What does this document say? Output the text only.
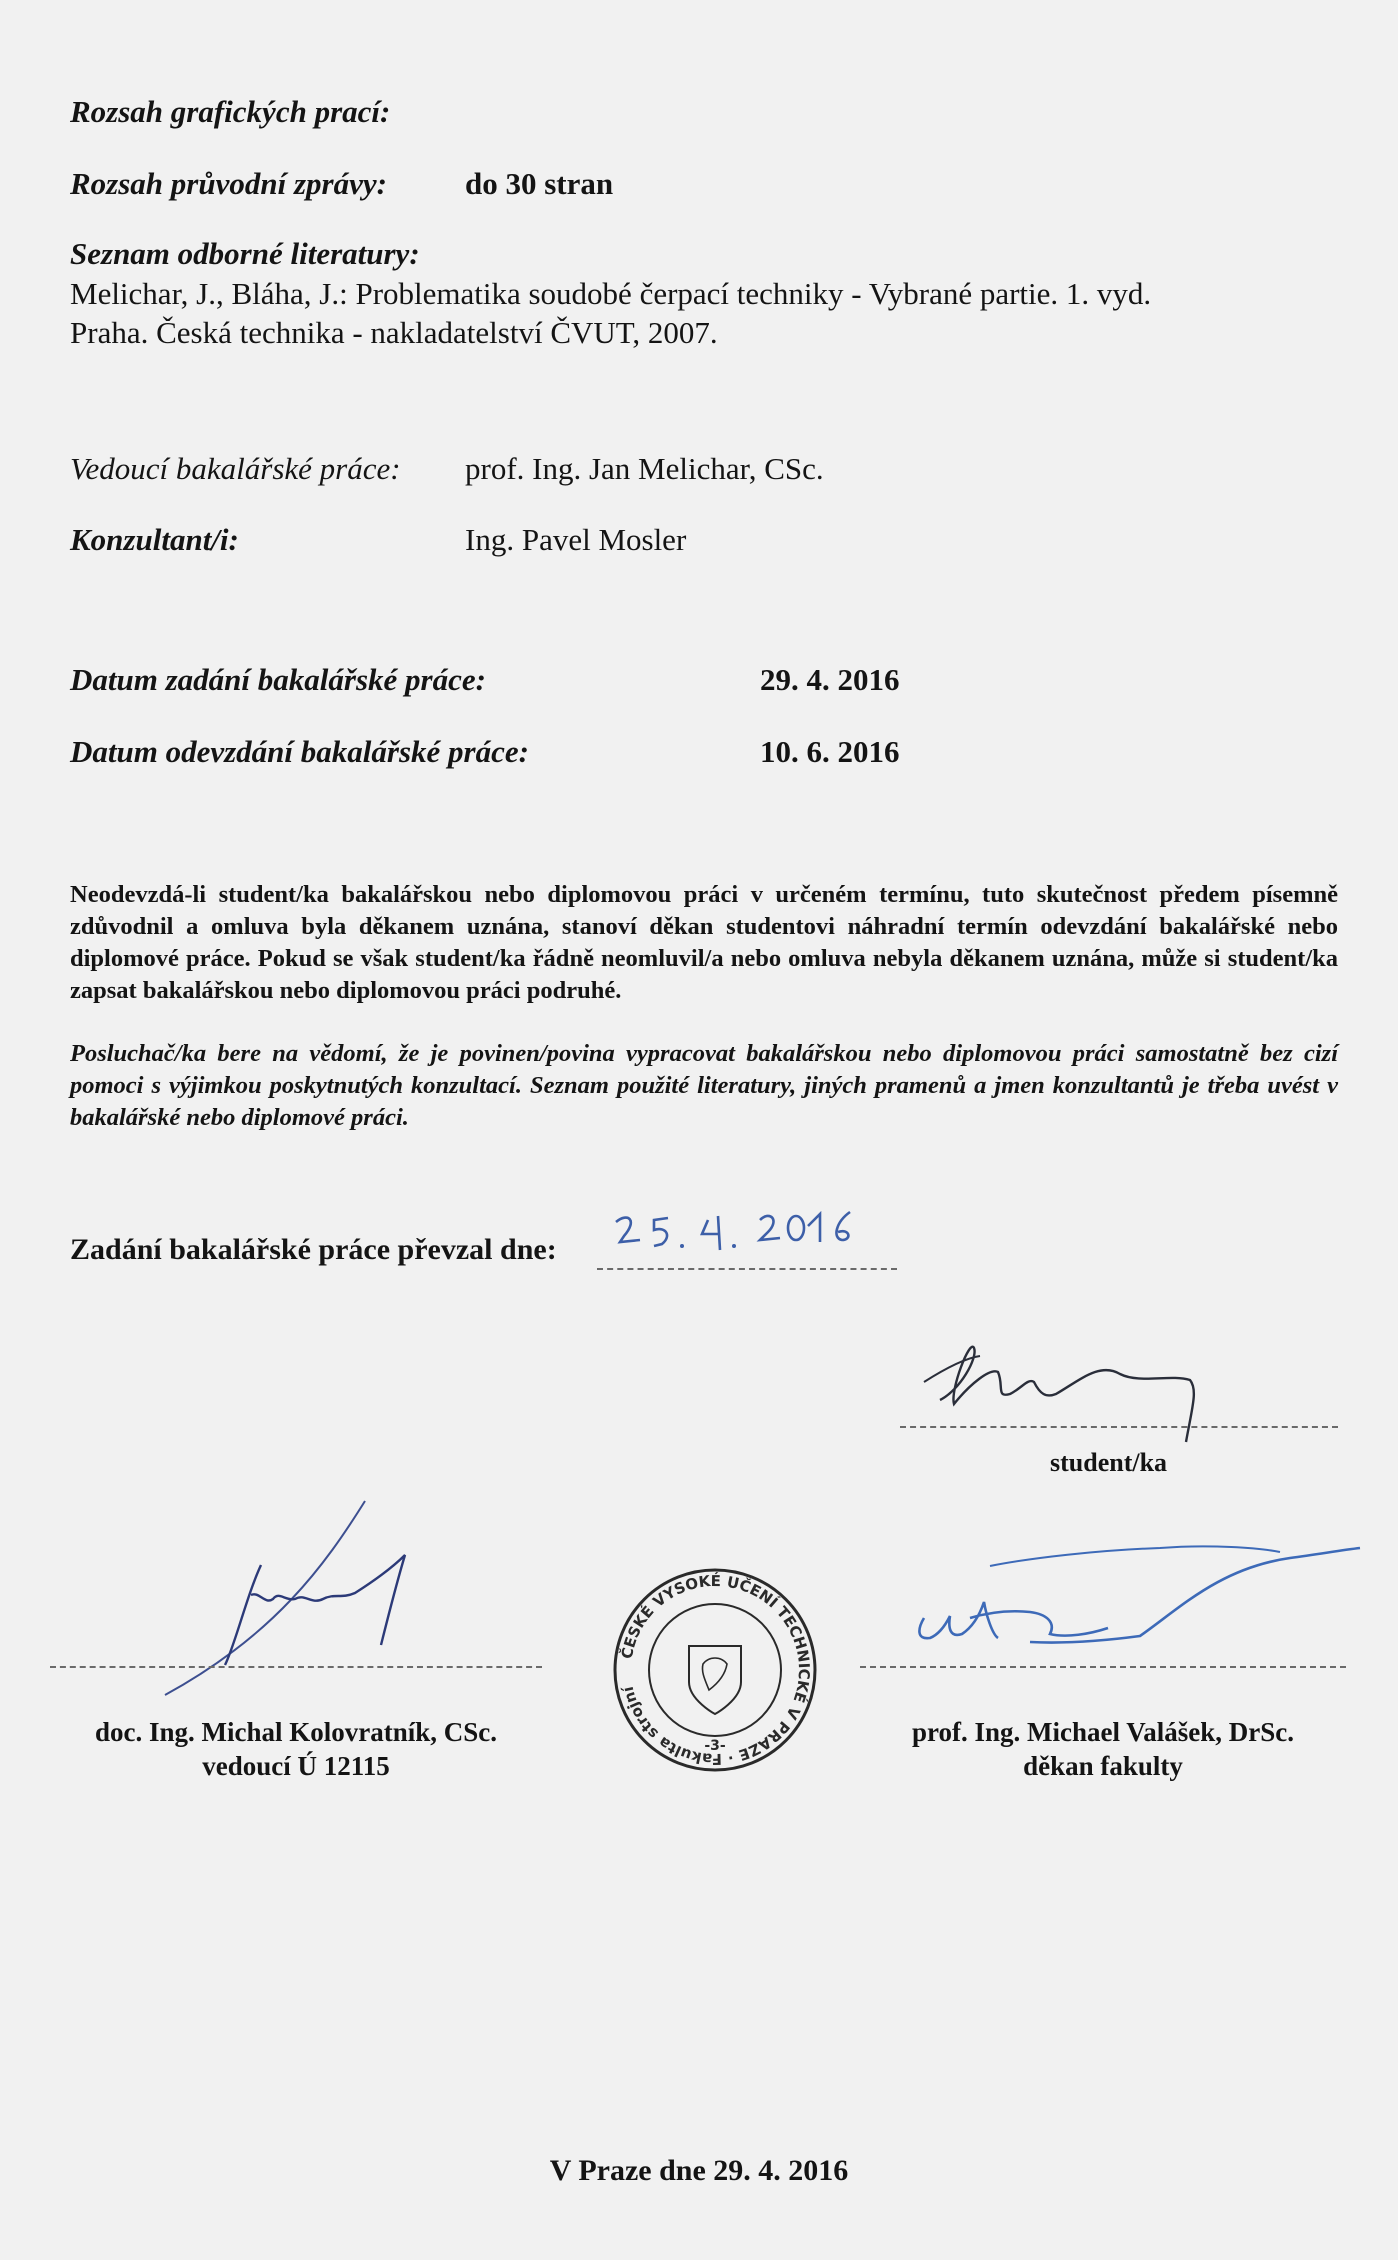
Rozsah grafických prací:
Rozsah průvodní zprávy:	do 30 stran
Seznam odborné literatury:
Melichar, J., Bláha, J.: Problematika soudobé čerpací techniky - Vybrané partie. 1. vyd.
Praha. Česká technika - nakladatelství ČVUT, 2007.
Vedoucí bakalářské práce: prof. Ing. Jan Melichar, CSc.
Konzultant/i:	Ing. Pavel Mosler
Datum zadání bakalářské práce:	29. 4. 2016
Datum odevzdání bakalářské práce:	10. 6. 2016
Neodevzdá-li student/ka bakalářskou nebo diplomovou práci v určeném termínu, tuto skutečnost předem písemně zdůvodnil a omluva byla děkanem uznána, stanoví děkan studentovi náhradní termín odevzdání bakalářské nebo diplomové práce. Pokud se však student/ka řádně neomluvil/a nebo omluva nebyla děkanem uznána, může si student/ka zapsat bakalářskou nebo diplomovou práci podruhé.
Posluchač/ka bere na vědomí, že je povinen/povina vypracovat bakalářskou nebo diplomovou práci samostatně bez cizí pomoci s výjimkou poskytnutých konzultací. Seznam použité literatury, jiných pramenů a jmen konzultantů je třeba uvést v bakalářské nebo diplomové práci.
Zadání bakalářské práce převzal dne:
student/ka
doc. Ing. Michal Kolovratník, CSc.
vedoucí Ú 12115
ČESKÉ VYSOKÉ UČENÍ TECHNICKÉ V PRAZE · Fakulta strojní
-3-	prof. Ing. Michael Valášek, DrSc.
děkan fakulty
V Praze dne 29. 4. 2016
